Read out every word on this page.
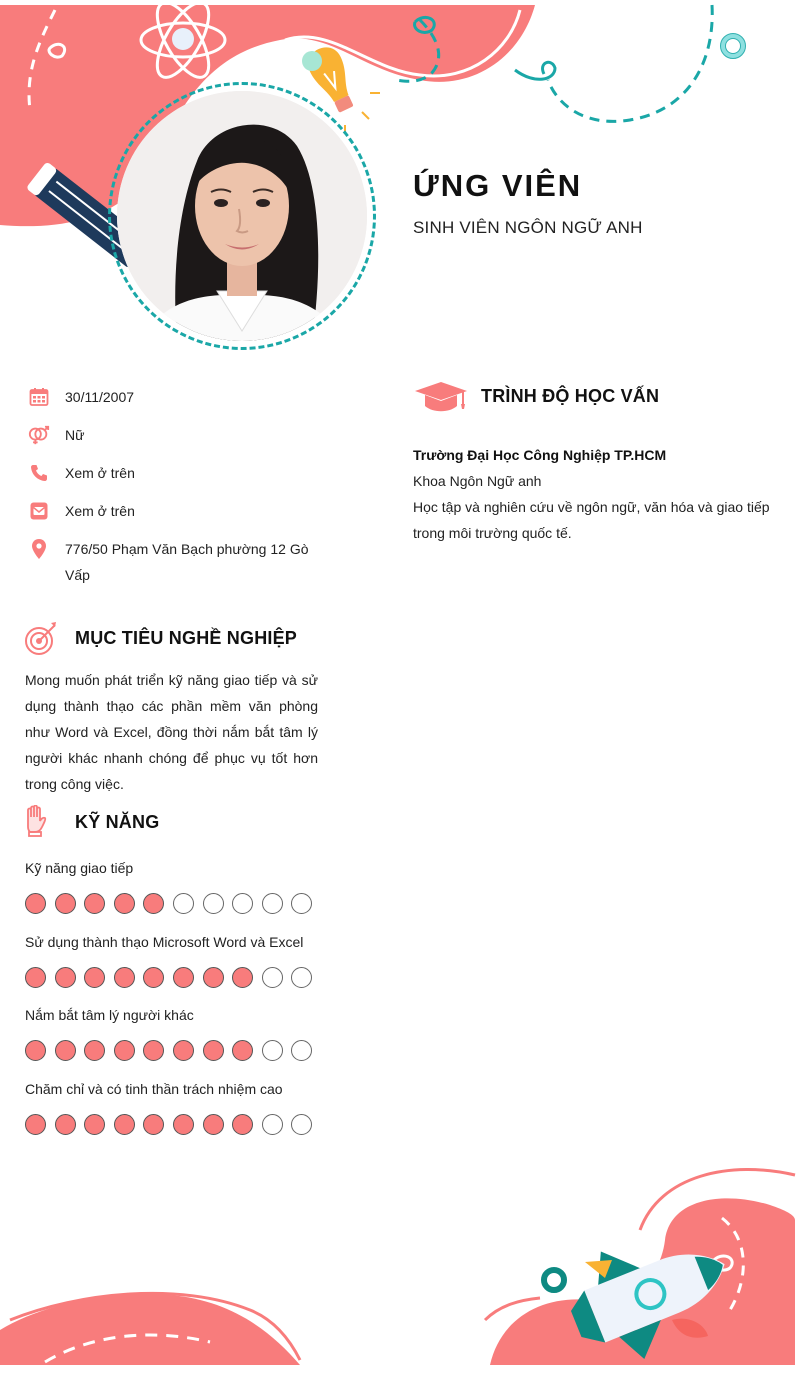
ỨNG VIÊN
SINH VIÊN NGÔN NGỮ ANH
30/11/2007
Nữ
Xem ở trên
Xem ở trên
776/50 Phạm Văn Bạch phường 12 Gò Vấp
MỤC TIÊU NGHỀ NGHIỆP
Mong muốn phát triển kỹ năng giao tiếp và sử dụng thành thạo các phần mềm văn phòng như Word và Excel, đồng thời nắm bắt tâm lý người khác nhanh chóng để phục vụ tốt hơn trong công việc.
KỸ NĂNG
Kỹ năng giao tiếp
Sử dụng thành thạo Microsoft Word và Excel
Nắm bắt tâm lý người khác
Chăm chỉ và có tinh thần trách nhiệm cao
TRÌNH ĐỘ HỌC VẤN
Trường Đại Học Công Nghiệp TP.HCM
Khoa Ngôn Ngữ anh
Học tập và nghiên cứu về ngôn ngữ, văn hóa và giao tiếp trong môi trường quốc tế.
